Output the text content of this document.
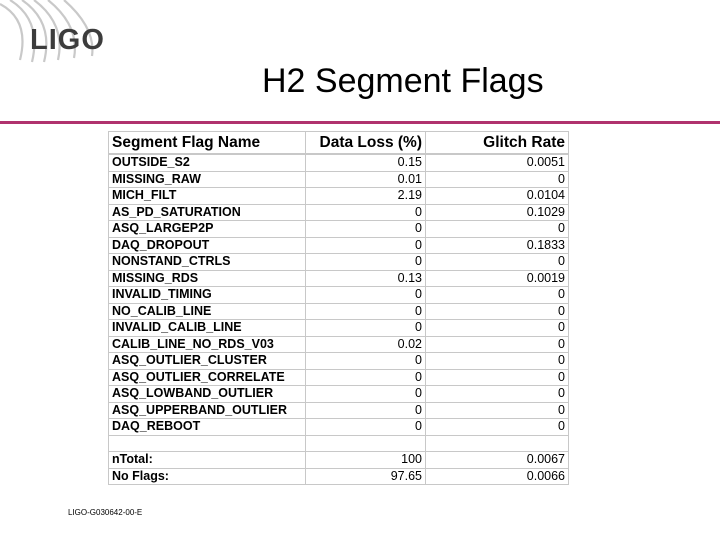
LIGO
H2 Segment Flags
Segment Flag Name	Data Loss (%)	Glitch Rate
OUTSIDE_S2	0.15	0.0051
MISSING_RAW	0.01	0
MICH_FILT	2.19	0.0104
AS_PD_SATURATION	0	0.1029
ASQ_LARGEP2P	0	0
DAQ_DROPOUT	0	0.1833
NONSTAND_CTRLS	0	0
MISSING_RDS	0.13	0.0019
INVALID_TIMING	0	0
NO_CALIB_LINE	0	0
INVALID_CALIB_LINE	0	0
CALIB_LINE_NO_RDS_V03	0.02	0
ASQ_OUTLIER_CLUSTER	0	0
ASQ_OUTLIER_CORRELATE	0	0
ASQ_LOWBAND_OUTLIER	0	0
ASQ_UPPERBAND_OUTLIER	0	0
DAQ_REBOOT	0	0

nTotal:	100	0.0067
No Flags:	97.65	0.0066
LIGO-G030642-00-E
